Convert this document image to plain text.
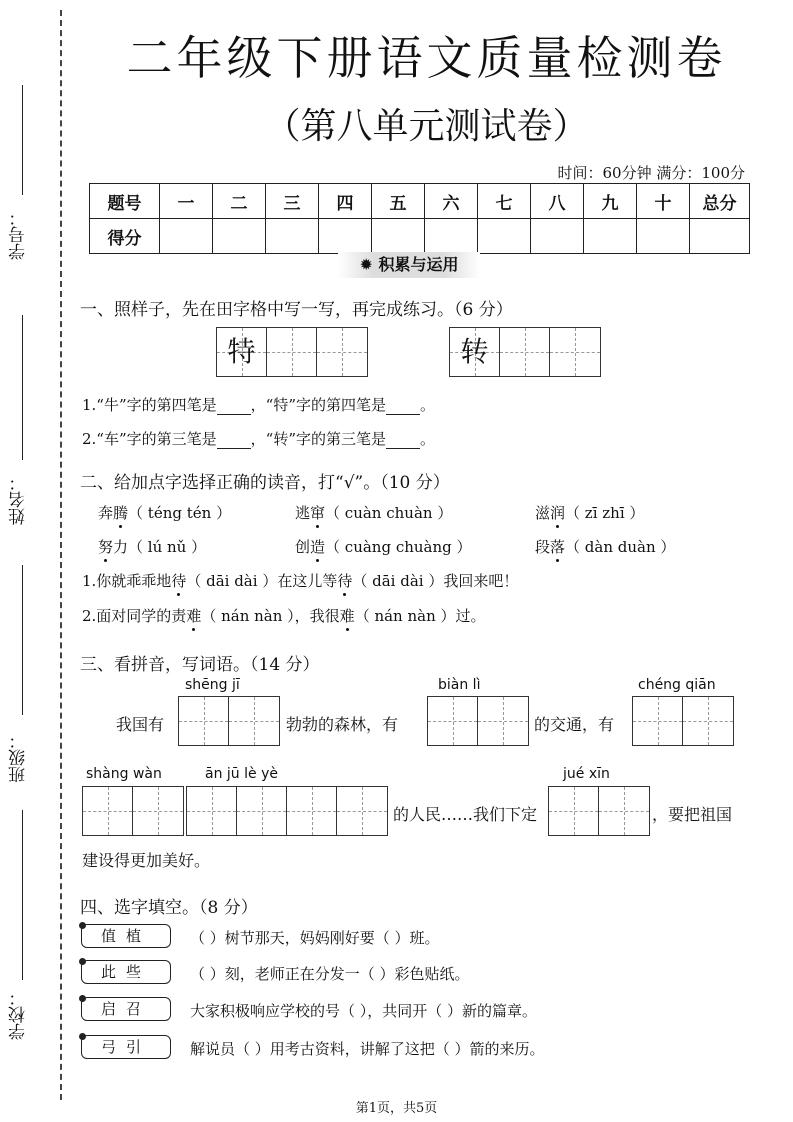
学号：
姓名：
班级：
学校：
二年级下册语文质量检测卷
（第八单元测试卷）
时间：60分钟 满分：100分
题号	一	二	三	四	五	六	七	八	九	十	总分
得分											
✹ 积累与运用
一、照样子，先在田字格中写一写，再完成练习。（6 分）
特	转
1.“牛”字的第四笔是 ，“特”字的第四笔是 。
2.“车”字的第三笔是 ，“转”字的第三笔是 。
二、给加点字选择正确的读音，打“√”。（10 分）
奔腾（ téng tén ）	逃窜（ cuàn chuàn ）	滋润（ zī zhī ）
努力（ lú nǔ ）	创造（ cuàng chuàng ）	段落（ dàn duàn ）
1.你就乖乖地待（ dāi dài ）在这儿等待（ dāi dài ）我回来吧！
2.面对同学的责难（ nán nàn ），我很难（ nán nàn ）过。
三、看拼音，写词语。（14 分）
shēng jī	biàn lì	chéng qiān
我国有	勃勃的森林，有	的交通，有
shàng wàn	ān jū lè yè	jué xīn
的人民……我们下定	，要把祖国
建设得更加美好。
四、选字填空。（8 分）
值植	（ ）树节那天，妈妈刚好要（ ）班。
此些	（ ）刻，老师正在分发一（ ）彩色贴纸。
启召	大家积极响应学校的号（ ），共同开（ ）新的篇章。
弓引	解说员（ ）用考古资料，讲解了这把（ ）箭的来历。
第1页，共5页
